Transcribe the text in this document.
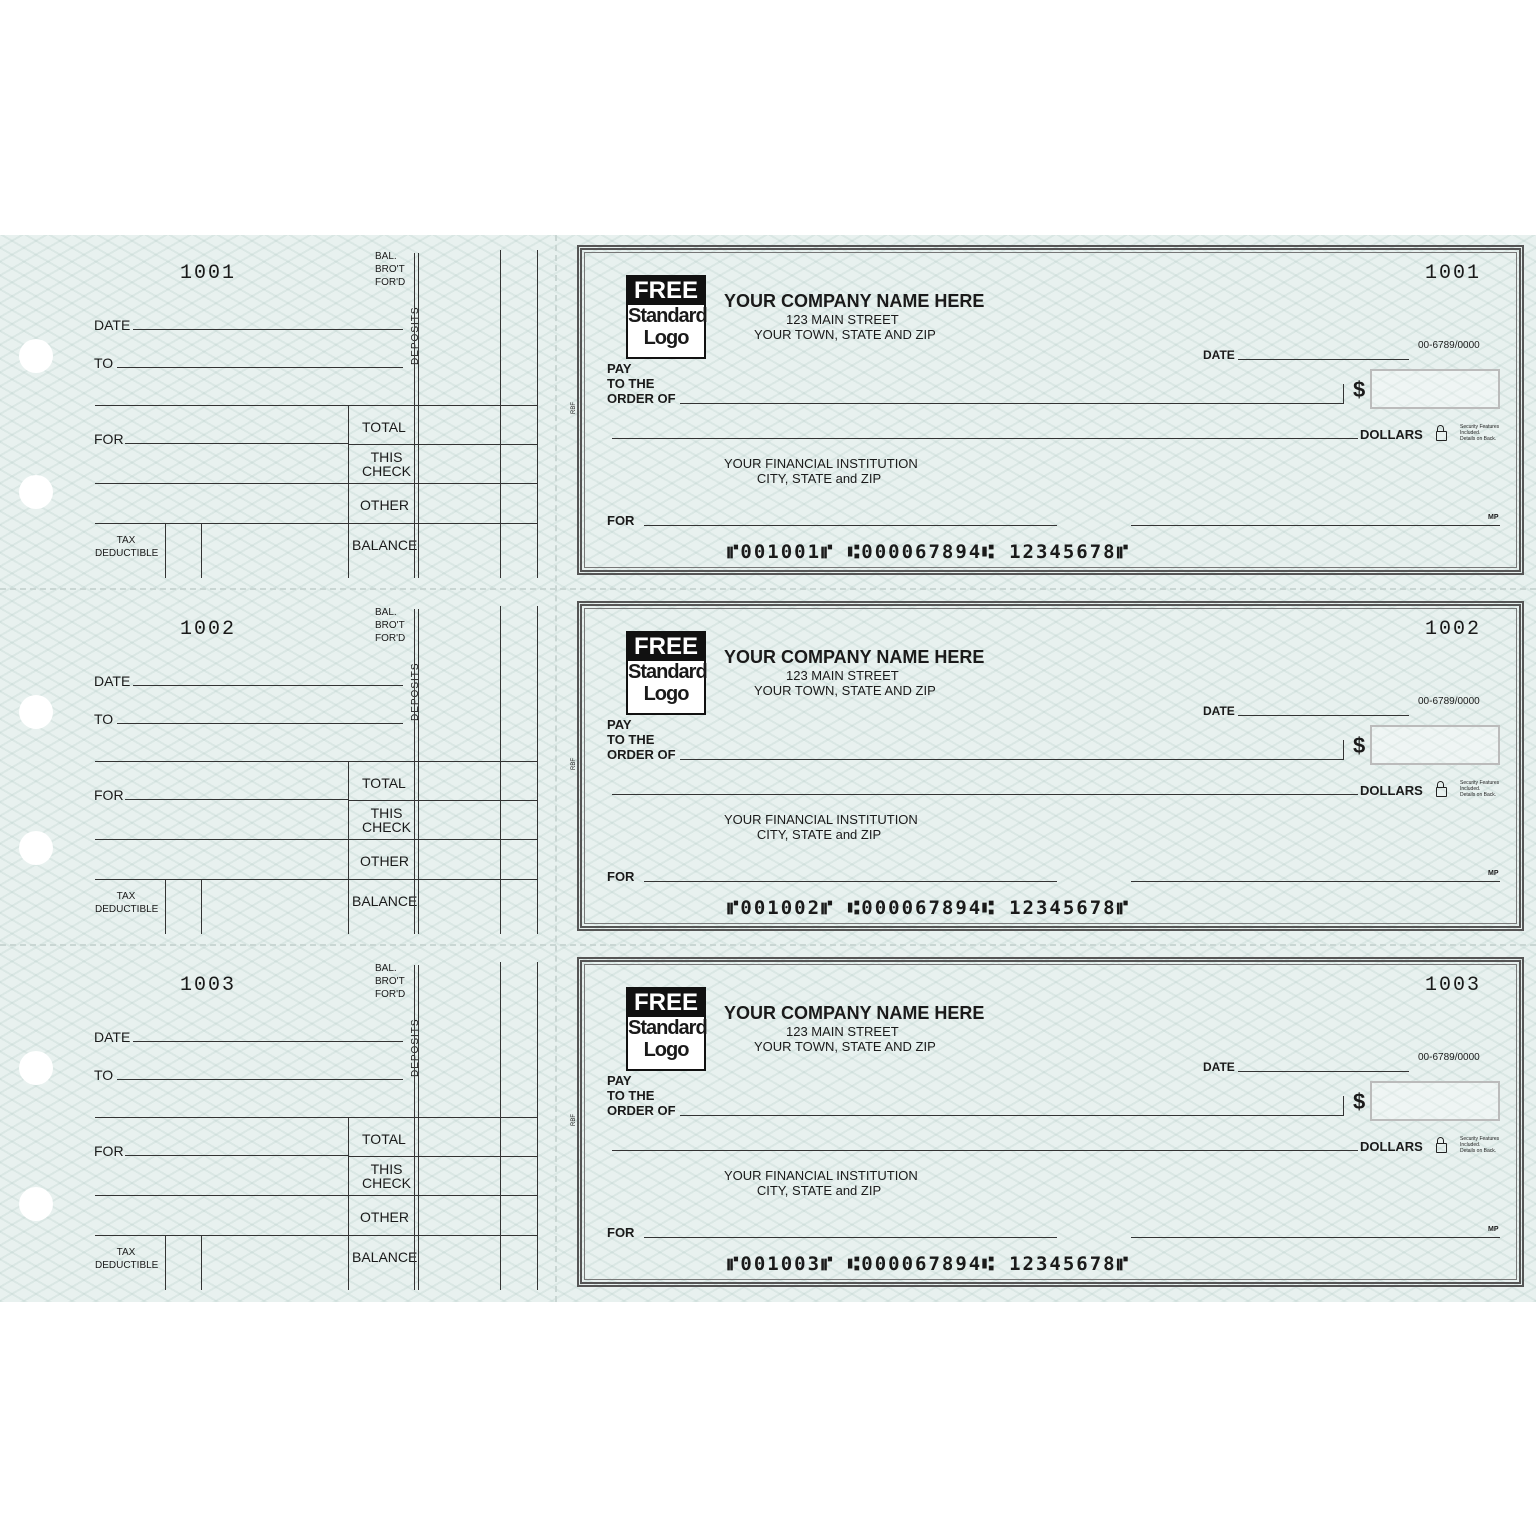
1001
BAL.
BRO'T
FOR'D
DATE
TO	DEPOSITS
FOR
TOTAL
THIS
CHECK
OTHER
TAX
DEDUCTIBLE
BALANCE
RBF
1001
FREE
Standard
Logo
YOUR COMPANY NAME HERE
123 MAIN STREET
YOUR TOWN, STATE AND ZIP
00-6789/0000
DATE
PAY
TO THE
ORDER OF	$
DOLLARS	Security Features
Included.
Details on Back.
YOUR FINANCIAL INSTITUTION
CITY, STATE and ZIP
FOR	MP
⑈001001⑈ ⑆000067894⑆ 12345678⑈
1002
BAL.
BRO'T
FOR'D
DATE
TO	DEPOSITS
FOR
TOTAL
THIS
CHECK
OTHER
TAX
DEDUCTIBLE
BALANCE
RBF
1002
FREE
Standard
Logo
YOUR COMPANY NAME HERE
123 MAIN STREET
YOUR TOWN, STATE AND ZIP
00-6789/0000
DATE
PAY
TO THE
ORDER OF	$
DOLLARS	Security Features
Included.
Details on Back.
YOUR FINANCIAL INSTITUTION
CITY, STATE and ZIP
FOR	MP
⑈001002⑈ ⑆000067894⑆ 12345678⑈
1003
BAL.
BRO'T
FOR'D
DATE
TO	DEPOSITS
FOR
TOTAL
THIS
CHECK
OTHER
TAX
DEDUCTIBLE
BALANCE
RBF
1003
FREE
Standard
Logo
YOUR COMPANY NAME HERE
123 MAIN STREET
YOUR TOWN, STATE AND ZIP
00-6789/0000
DATE
PAY
TO THE
ORDER OF	$
DOLLARS	Security Features
Included.
Details on Back.
YOUR FINANCIAL INSTITUTION
CITY, STATE and ZIP
FOR	MP
⑈001003⑈ ⑆000067894⑆ 12345678⑈
